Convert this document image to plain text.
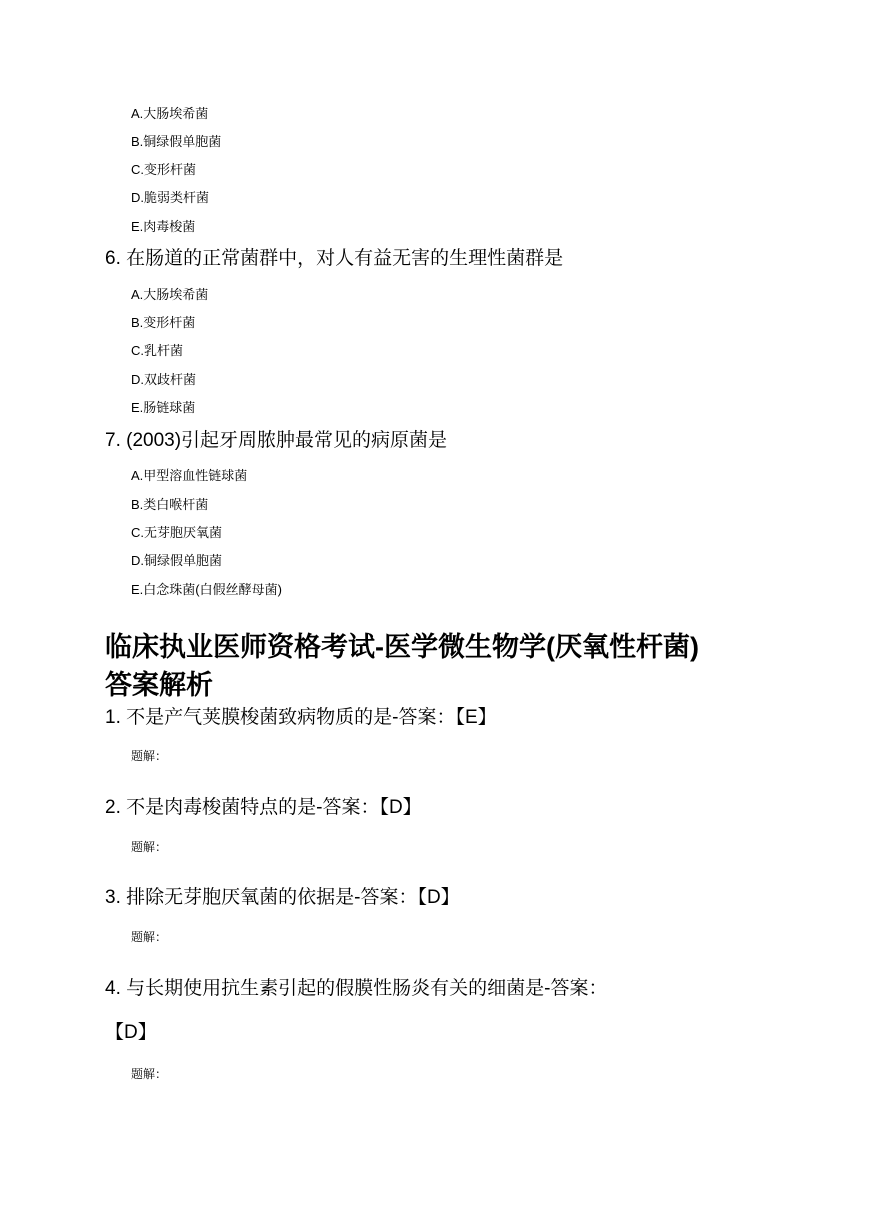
A.大肠埃希菌
B.铜绿假单胞菌
C.变形杆菌
D.脆弱类杆菌
E.肉毒梭菌
6. 在肠道的正常菌群中，对人有益无害的生理性菌群是
A.大肠埃希菌
B.变形杆菌
C.乳杆菌
D.双歧杆菌
E.肠链球菌
7. (2003)引起牙周脓肿最常见的病原菌是
A.甲型溶血性链球菌
B.类白喉杆菌
C.无芽胞厌氧菌
D.铜绿假单胞菌
E.白念珠菌(白假丝酵母菌)
临床执业医师资格考试-医学微生物学(厌氧性杆菌)
答案解析
1. 不是产气荚膜梭菌致病物质的是-答案：【E】
题解：
2. 不是肉毒梭菌特点的是-答案：【D】
题解：
3. 排除无芽胞厌氧菌的依据是-答案：【D】
题解：
4. 与长期使用抗生素引起的假膜性肠炎有关的细菌是-答案：
【D】
题解：
